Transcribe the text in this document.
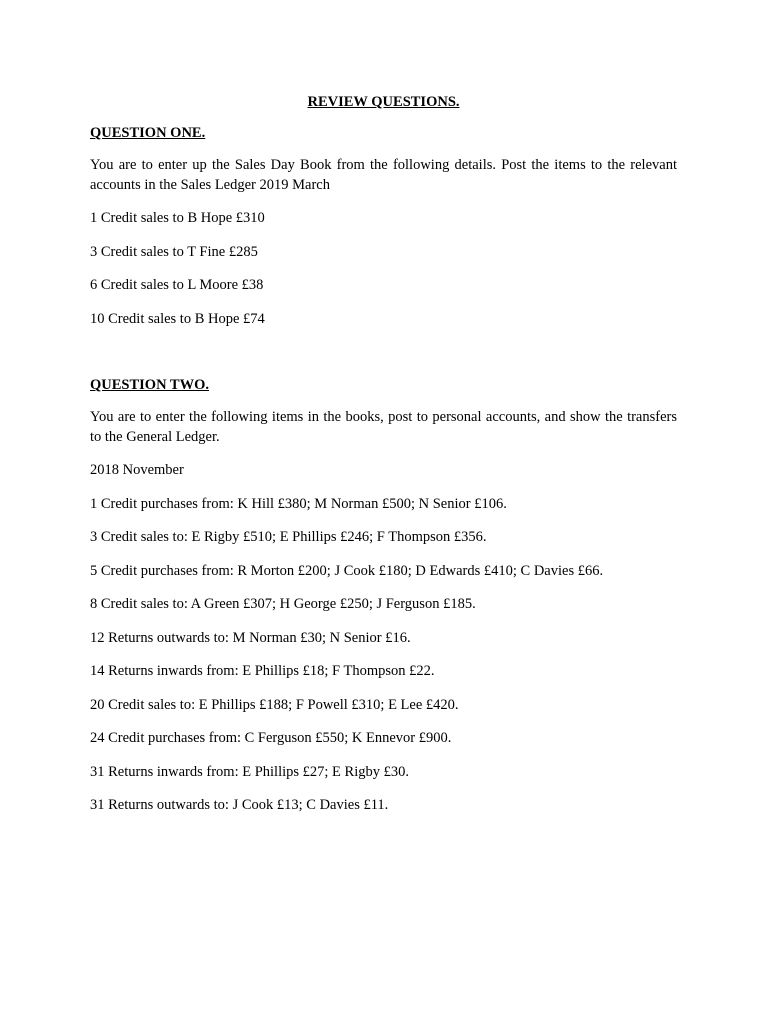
REVIEW QUESTIONS.

QUESTION ONE.

You are to enter up the Sales Day Book from the following details. Post the items to the relevant accounts in the Sales Ledger 2019 March

1 Credit sales to B Hope £310

3 Credit sales to T Fine £285

6 Credit sales to L Moore £38

10 Credit sales to B Hope £74

QUESTION TWO.

You are to enter the following items in the books, post to personal accounts, and show the transfers to the General Ledger.

2018 November

1 Credit purchases from: K Hill £380; M Norman £500; N Senior £106.

3 Credit sales to: E Rigby £510; E Phillips £246; F Thompson £356.

5 Credit purchases from: R Morton £200; J Cook £180; D Edwards £410; C Davies £66.

8 Credit sales to: A Green £307; H George £250; J Ferguson £185.

12 Returns outwards to: M Norman £30; N Senior £16.

14 Returns inwards from: E Phillips £18; F Thompson £22.

20 Credit sales to: E Phillips £188; F Powell £310; E Lee £420.

24 Credit purchases from: C Ferguson £550; K Ennevor £900.

31 Returns inwards from: E Phillips £27; E Rigby £30.

31 Returns outwards to: J Cook £13; C Davies £11.
